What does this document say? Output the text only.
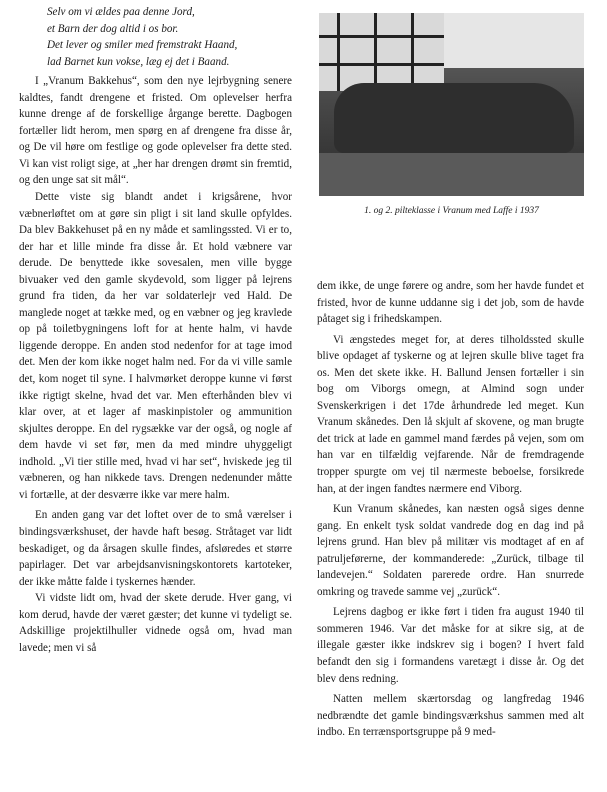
Selv om vi ældes paa denne Jord,
et Barn der dog altid i os bor.
Det lever og smiler med fremstrakt Haand,
lad Barnet kun vokse, læg ej det i Baand.

I „Vranum Bakkehus“, som den nye lejrbygning senere kaldtes, fandt drengene et fristed. Om oplevelser herfra kunne drenge af de forskellige årgange berette. Dagbogen fortæller lidt herom, men spørg en af drengene fra disse år, og De vil høre om festlige og gode oplevelser fra dette sted. Vi kan vist roligt sige, at „her har drengen drømt sin fremtid, og den unge sat sit mål“.

Dette viste sig blandt andet i krigsårene, hvor væbnerløftet om at gøre sin pligt i sit land skulle opfyldes. Da blev Bakkehuset på en ny måde et samlingssted. Vi er to, der har et lille minde fra disse år. Et hold væbnere var derude. De benyttede ikke sovesalen, men ville bygge bivuaker ved den gamle skydevold, som ligger på lejrens grund fra tiden, da her var soldaterlejr ved Hald. De manglede noget at tække med, og en væbner og jeg kravlede op på toiletbygningens loft for at hente halm, vi havde liggende deroppe. En anden stod nedenfor for at tage imod det. Men der kom ikke noget halm ned. For da vi ville samle det, kom noget til syne. I halvmørket deroppe kunne vi først ikke rigtigt skelne, hvad det var. Men efterhånden blev vi klar over, at et lager af maskinpistoler og ammunition skjultes deroppe. En del rygsække var der også, og nogle af dem havde vi set før, men da med mindre uhyggeligt indhold. „Vi tier stille med, hvad vi har set“, hviskede jeg til væbneren, og han nikkede tavs. Drengen nedenunder måtte vi fortælle, at der desværre ikke var mere halm.

En anden gang var det loftet over de to små værelser i bindingsværkshuset, der havde haft besøg. Stråtaget var lidt beskadiget, og da årsagen skulle findes, afsløredes et større papirlager. Det var arbejdsanvisningskontorets kartoteker, der ikke måtte falde i tyskernes hænder.

Vi vidste lidt om, hvad der skete derude. Hver gang, vi kom derud, havde der været gæster; det kunne vi tydeligt se. Adskillige projektilhuller vidnede også om, hvad man lavede; men vi så

1. og 2. pilteklasse i Vranum med Laffe i 1937

dem ikke, de unge førere og andre, som her havde fundet et fristed, hvor de kunne uddanne sig i det job, som de havde påtaget sig i frihedskampen.

Vi ængstedes meget for, at deres tilholdssted skulle blive opdaget af tyskerne og at lejren skulle blive taget fra os. Men det skete ikke. H. Ballund Jensen fortæller i sin bog om Viborgs omegn, at Almind sogn under Svenskerkrigen i det 17de århundrede led meget. Kun Vranum skånedes. Den lå skjult af skovene, og man brugte det trick at lade en gammel mand færdes på vejen, som om han var en tilfældig vejfarende. Når de fremdragende tropper spurgte om vej til nærmeste beboelse, forsikrede han, at der ingen fandtes nærmere end Viborg.

Kun Vranum skånedes, kan næsten også siges denne gang. En enkelt tysk soldat vandrede dog en dag ind på lejrens grund. Han blev på militær vis modtaget af en af patruljeførerne, der kommanderede: „Zurück, tilbage til landevejen.“ Soldaten parerede ordre. Han snurrede omkring og travede samme vej „zurück“.

Lejrens dagbog er ikke ført i tiden fra august 1940 til sommeren 1946. Var det måske for at sikre sig, at de illegale gæster ikke indskrev sig i bogen? I hvert fald befandt den sig i formandens varetægt i disse år. Og det blev dens redning.

Natten mellem skærtorsdag og langfredag 1946 nedbrændte det gamle bindingsværkshus sammen med alt indbo. En terrænsportsgruppe på 9 med-
